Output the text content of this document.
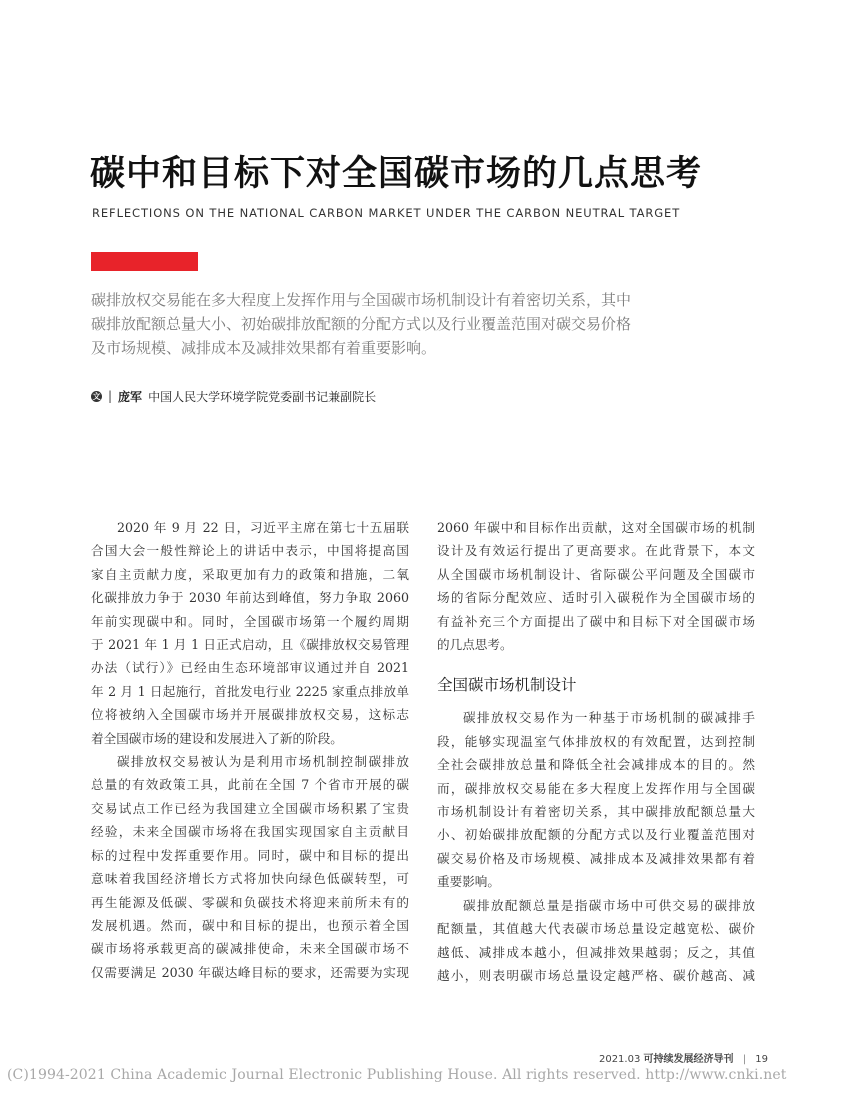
碳中和目标下对全国碳市场的几点思考
REFLECTIONS ON THE NATIONAL CARBON MARKET UNDER THE CARBON NEUTRAL TARGET
碳排放权交易能在多大程度上发挥作用与全国碳市场机制设计有着密切关系，其中
碳排放配额总量大小、初始碳排放配额的分配方式以及行业覆盖范围对碳交易价格
及市场规模、减排成本及减排效果都有着重要影响。
文 | 庞军 中国人民大学环境学院党委副书记兼副院长

2020 年 9 月 22 日，习近平主席在第七十五届联
合国大会一般性辩论上的讲话中表示，中国将提高国
家自主贡献力度，采取更加有力的政策和措施，二氧
化碳排放力争于 2030 年前达到峰值，努力争取 2060
年前实现碳中和。同时，全国碳市场第一个履约周期
于 2021 年 1 月 1 日正式启动，且《碳排放权交易管理
办法（试行）》已经由生态环境部审议通过并自 2021
年 2 月 1 日起施行，首批发电行业 2225 家重点排放单
位将被纳入全国碳市场并开展碳排放权交易，这标志
着全国碳市场的建设和发展进入了新的阶段。

碳排放权交易被认为是利用市场机制控制碳排放
总量的有效政策工具，此前在全国 7 个省市开展的碳
交易试点工作已经为我国建立全国碳市场积累了宝贵
经验，未来全国碳市场将在我国实现国家自主贡献目
标的过程中发挥重要作用。同时，碳中和目标的提出
意味着我国经济增长方式将加快向绿色低碳转型，可
再生能源及低碳、零碳和负碳技术将迎来前所未有的
发展机遇。然而，碳中和目标的提出，也预示着全国
碳市场将承载更高的碳减排使命，未来全国碳市场不
仅需要满足 2030 年碳达峰目标的要求，还需要为实现

2060 年碳中和目标作出贡献，这对全国碳市场的机制
设计及有效运行提出了更高要求。在此背景下，本文
从全国碳市场机制设计、省际碳公平问题及全国碳市
场的省际分配效应、适时引入碳税作为全国碳市场的
有益补充三个方面提出了碳中和目标下对全国碳市场
的几点思考。

全国碳市场机制设计

碳排放权交易作为一种基于市场机制的碳减排手
段，能够实现温室气体排放权的有效配置，达到控制
全社会碳排放总量和降低全社会减排成本的目的。然
而，碳排放权交易能在多大程度上发挥作用与全国碳
市场机制设计有着密切关系，其中碳排放配额总量大
小、初始碳排放配额的分配方式以及行业覆盖范围对
碳交易价格及市场规模、减排成本及减排效果都有着
重要影响。

碳排放配额总量是指碳市场中可供交易的碳排放
配额量，其值越大代表碳市场总量设定越宽松、碳价
越低、减排成本越小，但减排效果越弱；反之，其值
越小，则表明碳市场总量设定越严格、碳价越高、减

2021.03 可持续发展经济导刊 | 19
(C)1994-2021 China Academic Journal Electronic Publishing House. All rights reserved. http://www.cnki.net
